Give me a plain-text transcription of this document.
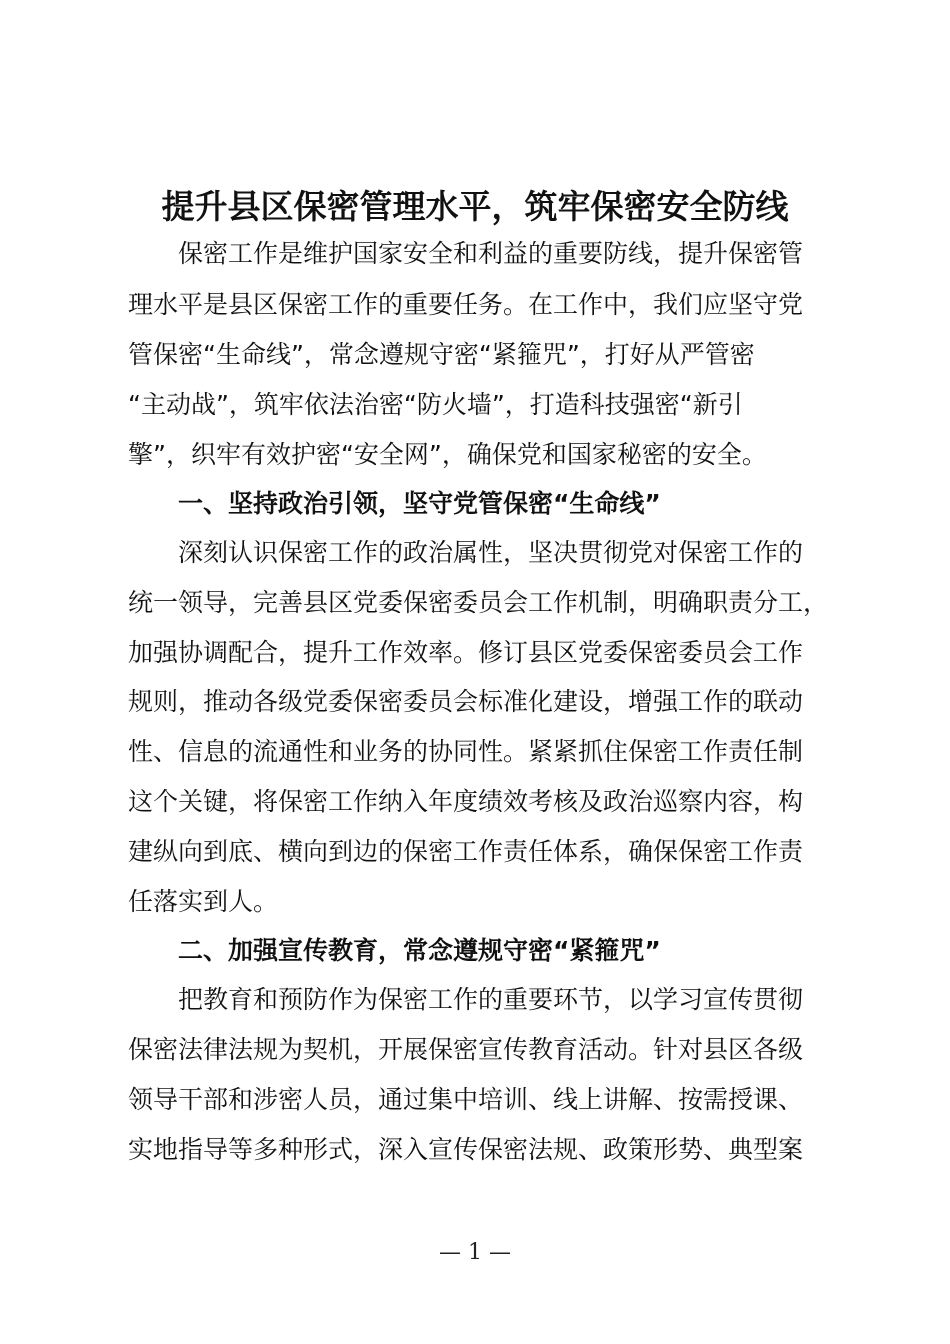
提升县区保密管理水平，筑牢保密安全防线

保密工作是维护国家安全和利益的重要防线，提升保密管

理水平是县区保密工作的重要任务。在工作中，我们应坚守党

管保密“生命线”，常念遵规守密“紧箍咒”，打好从严管密

“主动战”，筑牢依法治密“防火墙”，打造科技强密“新引

擎”，织牢有效护密“安全网”，确保党和国家秘密的安全。

一、坚持政治引领，坚守党管保密“生命线”

深刻认识保密工作的政治属性，坚决贯彻党对保密工作的

统一领导，完善县区党委保密委员会工作机制，明确职责分工，

加强协调配合，提升工作效率。修订县区党委保密委员会工作

规则，推动各级党委保密委员会标准化建设，增强工作的联动

性、信息的流通性和业务的协同性。紧紧抓住保密工作责任制

这个关键，将保密工作纳入年度绩效考核及政治巡察内容，构

建纵向到底、横向到边的保密工作责任体系，确保保密工作责

任落实到人。

二、加强宣传教育，常念遵规守密“紧箍咒”

把教育和预防作为保密工作的重要环节，以学习宣传贯彻

保密法律法规为契机，开展保密宣传教育活动。针对县区各级

领导干部和涉密人员，通过集中培训、线上讲解、按需授课、

实地指导等多种形式，深入宣传保密法规、政策形势、典型案

— 1 —
